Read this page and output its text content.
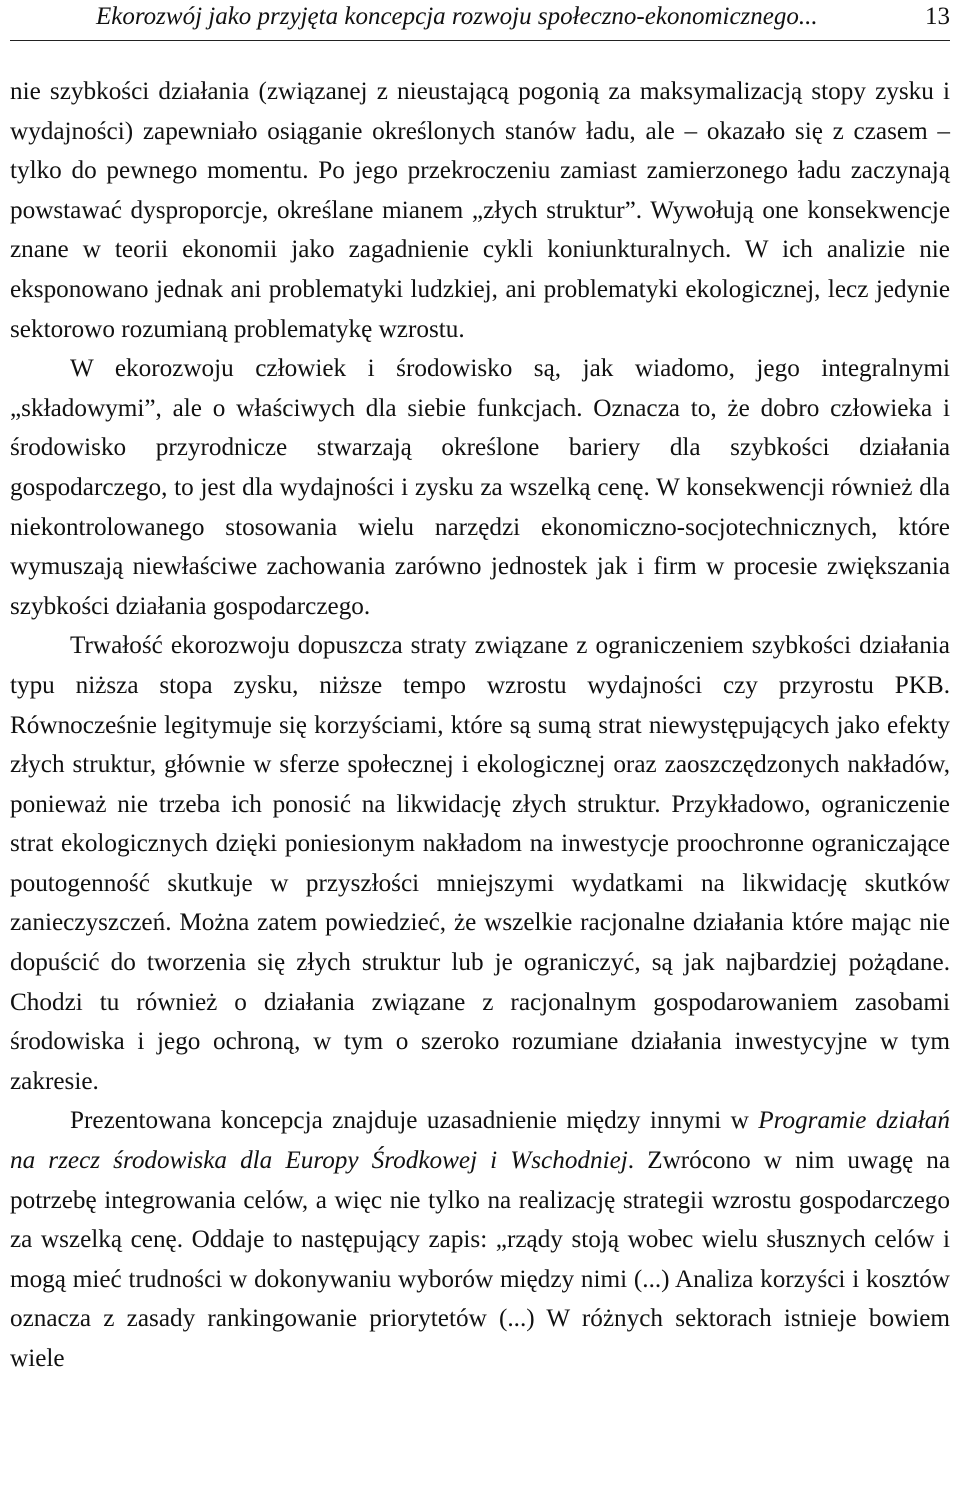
Ekorozwój jako przyjęta koncepcja rozwoju społeczno-ekonomicznego...	13

nie szybkości działania (związanej z nieustającą pogonią za maksymalizacją stopy zysku i wydajności) zapewniało osiąganie określonych stanów ładu, ale – okazało się z czasem – tylko do pewnego momentu. Po jego przekroczeniu zamiast zamierzonego ładu zaczynają powstawać dysproporcje, określane mianem „złych struktur”. Wywołują one konsekwencje znane w teorii ekonomii jako zagadnienie cykli koniunkturalnych. W ich analizie nie eksponowano jednak ani problematyki ludzkiej, ani problematyki ekologicznej, lecz jedynie sektorowo rozumianą problematykę wzrostu.

W ekorozwoju człowiek i środowisko są, jak wiadomo, jego integralnymi „składowymi”, ale o właściwych dla siebie funkcjach. Oznacza to, że dobro człowieka i środowisko przyrodnicze stwarzają określone bariery dla szybkości działania gospodarczego, to jest dla wydajności i zysku za wszelką cenę. W konsekwencji również dla niekontrolowanego stosowania wielu narzędzi ekonomiczno-socjotechnicznych, które wymuszają niewłaściwe zachowania zarówno jednostek jak i firm w procesie zwiększania szybkości działania gospodarczego.

Trwałość ekorozwoju dopuszcza straty związane z ograniczeniem szybkości działania typu niższa stopa zysku, niższe tempo wzrostu wydajności czy przyrostu PKB. Równocześnie legitymuje się korzyściami, które są sumą strat niewystępujących jako efekty złych struktur, głównie w sferze społecznej i ekologicznej oraz zaoszczędzonych nakładów, ponieważ nie trzeba ich ponosić na likwidację złych struktur. Przykładowo, ograniczenie strat ekologicznych dzięki poniesionym nakładom na inwestycje proochronne ograniczające poutogenność skutkuje w przyszłości mniejszymi wydatkami na likwidację skutków zanieczyszczeń. Można zatem powiedzieć, że wszelkie racjonalne działania które mając nie dopuścić do tworzenia się złych struktur lub je ograniczyć, są jak najbardziej pożądane. Chodzi tu również o działania związane z racjonalnym gospodarowaniem zasobami środowiska i jego ochroną, w tym o szeroko rozumiane działania inwestycyjne w tym zakresie.

Prezentowana koncepcja znajduje uzasadnienie między innymi w Programie działań na rzecz środowiska dla Europy Środkowej i Wschodniej. Zwrócono w nim uwagę na potrzebę integrowania celów, a więc nie tylko na realizację strategii wzrostu gospodarczego za wszelką cenę. Oddaje to następujący zapis: „rządy stoją wobec wielu słusznych celów i mogą mieć trudności w dokonywaniu wyborów między nimi (...) Analiza korzyści i kosztów oznacza z zasady rankingowanie priorytetów (...) W różnych sektorach istnieje bowiem wiele
